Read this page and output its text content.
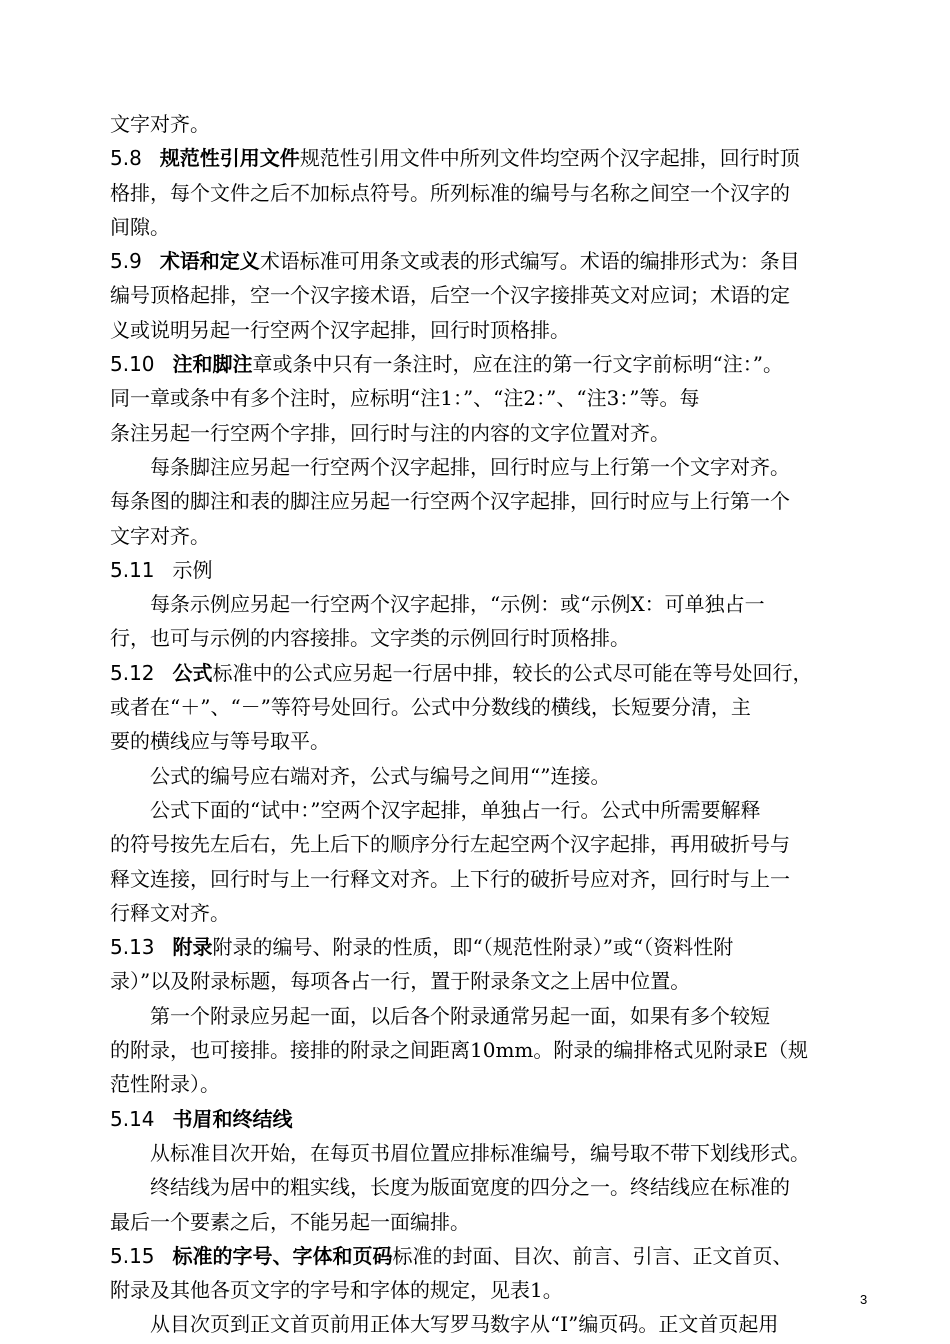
文字对齐。
5.8 规范性引用文件规范性引用文件中所列文件均空两个汉字起排，回行时顶
格排，每个文件之后不加标点符号。所列标准的编号与名称之间空一个汉字的
间隙。
5.9 术语和定义术语标准可用条文或表的形式编写。术语的编排形式为：条目
编号顶格起排，空一个汉字接术语，后空一个汉字接排英文对应词；术语的定
义或说明另起一行空两个汉字起排，回行时顶格排。
5.10 注和脚注章或条中只有一条注时，应在注的第一行文字前标明“注：”。
同一章或条中有多个注时，应标明“注1：”、“注2：”、“注3：”等。每
条注另起一行空两个字排，回行时与注的内容的文字位置对齐。
每条脚注应另起一行空两个汉字起排，回行时应与上行第一个文字对齐。
每条图的脚注和表的脚注应另起一行空两个汉字起排，回行时应与上行第一个
文字对齐。
5.11 示例
每条示例应另起一行空两个汉字起排，“示例：或“示例X：可单独占一
行，也可与示例的内容接排。文字类的示例回行时顶格排。
5.12 公式标准中的公式应另起一行居中排，较长的公式尽可能在等号处回行，
或者在“＋”、“－”等符号处回行。公式中分数线的横线，长短要分清，主
要的横线应与等号取平。
公式的编号应右端对齐，公式与编号之间用“”连接。
公式下面的“试中：”空两个汉字起排，单独占一行。公式中所需要解释
的符号按先左后右，先上后下的顺序分行左起空两个汉字起排，再用破折号与
释文连接，回行时与上一行释文对齐。上下行的破折号应对齐，回行时与上一
行释文对齐。
5.13 附录附录的编号、附录的性质，即“（规范性附录）”或“（资料性附
录）”以及附录标题，每项各占一行，置于附录条文之上居中位置。
第一个附录应另起一面，以后各个附录通常另起一面，如果有多个较短
的附录，也可接排。接排的附录之间距离10mm。附录的编排格式见附录E（规
范性附录）。
5.14 书眉和终结线
从标准目次开始，在每页书眉位置应排标准编号，编号取不带下划线形式。
终结线为居中的粗实线，长度为版面宽度的四分之一。终结线应在标准的
最后一个要素之后，不能另起一面编排。
5.15 标准的字号、字体和页码标准的封面、目次、前言、引言、正文首页、
附录及其他各页文字的字号和字体的规定，见表1。
从目次页到正文首页前用正体大写罗马数字从“I”编页码。正文首页起用
3
